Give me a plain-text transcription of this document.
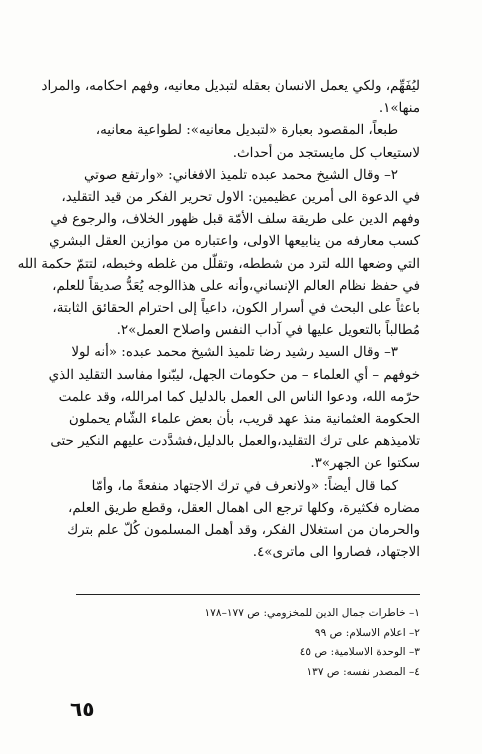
ليُفَهِّم، ولكي يعمل الانسان بعقله لتبديل معانيه، وفهم احكامه، والمراد
منها»١.

طبعاً، المقصود بعبارة «لتبديل معانيه»: لطواعية معانيه،
لاستيعاب كل مايستجد من أحداث.

٢– وقال الشيخ محمد عبده تلميذ الافغاني: «وارتفع صوتي
في الدعوة الى أمرين عظيمين: الاول تحرير الفكر من قيد التقليد،
وفهم الدين على طريقة سلف الأمّة قبل ظهور الخلاف، والرجوع في
كسب معارفه من ينابيعها الاولى، واعتباره من موازين العقل البشري
التي وضعها الله لترد من شططه، وتقلّل من غلطه وخبطه، لتتمّ حكمة الله
في حفظ نظام العالم الإنساني،وأنه على هذاالوجه يُعَدُّ صديقاً للعلم،
باعثاً على البحث في أسرار الكون، داعياً إلى احترام الحقائق الثابتة،
مُطالباً بالتعويل عليها في آداب النفس واصلاح العمل»٢.

٣– وقال السيد رشيد رضا تلميذ الشيخ محمد عبده: «أنه لولا
خوفهم – أي العلماء – من حكومات الجهل، ليبّنوا مفاسد التقليد الذي
حرّمه الله، ودعوا الناس الى العمل بالدليل كما امرالله، وقد علمت
الحكومة العثمانية منذ عهد قريب، بأن بعض علماء الشّام يحملون
تلاميذهم على ترك التقليد،والعمل بالدليل،فشدَّدت عليهم النكير حتى
سكتوا عن الجهر»٣.

كما قال أيضاً: «ولانعرف في ترك الاجتهاد منفعةً ما، وأمّا
مضاره فكثيرة، وكلها ترجع الى اهمال العقل، وقطع طريق العلم،
والحرمان من استغلال الفكر، وقد أهمل المسلمون كُلّ علم بترك
الاجتهاد، فصاروا الى ماترى»٤.

١– خاطرات جمال الدين للمخزومي: ص ١٧٧–١٧٨
٢– اعلام الاسلام: ص ٩٩
٣– الوحدة الاسلامية: ص ٤٥
٤– المصدر نفسه: ص ١٣٧
٦٥
